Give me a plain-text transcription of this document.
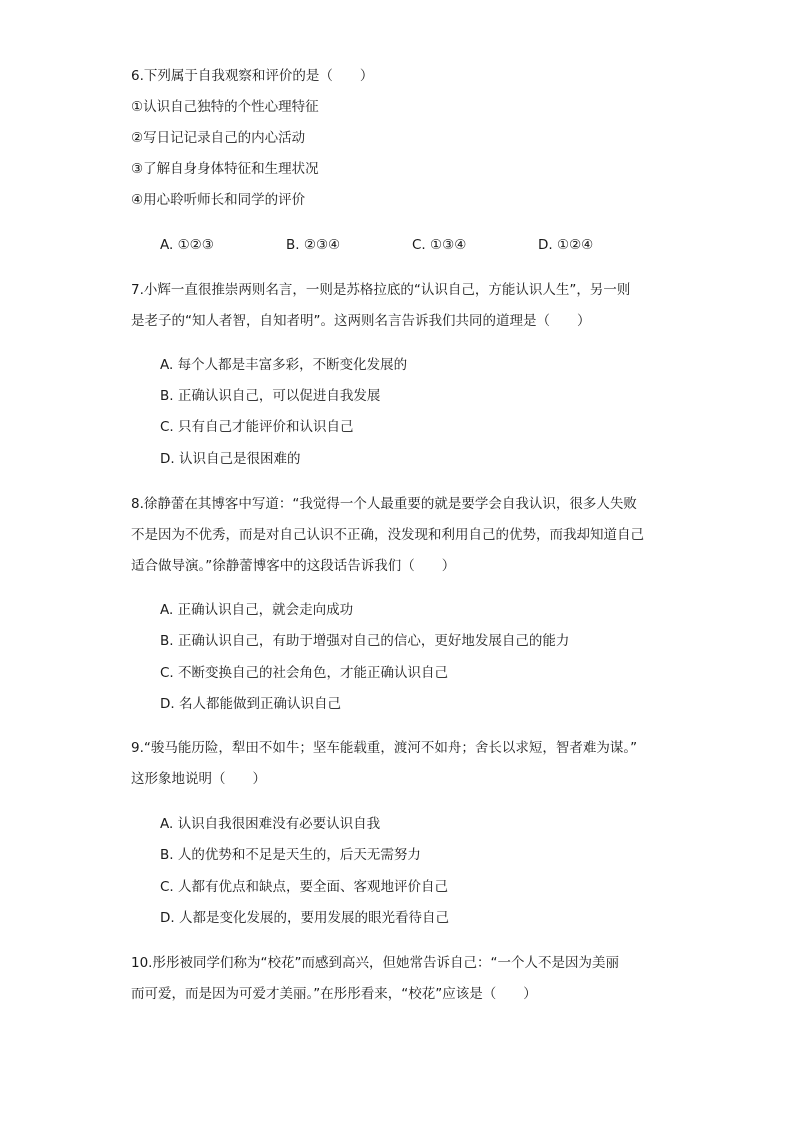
6.下列属于自我观察和评价的是（　　）
①认识自己独特的个性心理特征
②写日记记录自己的内心活动
③了解自身身体特征和生理状况
④用心聆听师长和同学的评价
A. ①②③	B. ②③④	C. ①③④	D. ①②④
7.小辉一直很推崇两则名言，一则是苏格拉底的“认识自己，方能认识人生”，另一则
是老子的“知人者智，自知者明”。这两则名言告诉我们共同的道理是（　　）
A. 每个人都是丰富多彩，不断变化发展的
B. 正确认识自己，可以促进自我发展
C. 只有自己才能评价和认识自己
D. 认识自己是很困难的
8.徐静蕾在其博客中写道：“我觉得一个人最重要的就是要学会自我认识，很多人失败
不是因为不优秀，而是对自己认识不正确，没发现和利用自己的优势，而我却知道自己
适合做导演。”徐静蕾博客中的这段话告诉我们（　　）
A. 正确认识自己，就会走向成功
B. 正确认识自己，有助于增强对自己的信心，更好地发展自己的能力
C. 不断变换自己的社会角色，才能正确认识自己
D. 名人都能做到正确认识自己
9.“骏马能历险，犁田不如牛；坚车能载重，渡河不如舟；舍长以求短，智者难为谋。”
这形象地说明（　　）
A. 认识自我很困难没有必要认识自我
B. 人的优势和不足是天生的，后天无需努力
C. 人都有优点和缺点，要全面、客观地评价自己
D. 人都是变化发展的，要用发展的眼光看待自己
10.彤彤被同学们称为“校花”而感到高兴，但她常告诉自己：“一个人不是因为美丽
而可爱，而是因为可爱才美丽。”在彤彤看来，“校花”应该是（　　）
